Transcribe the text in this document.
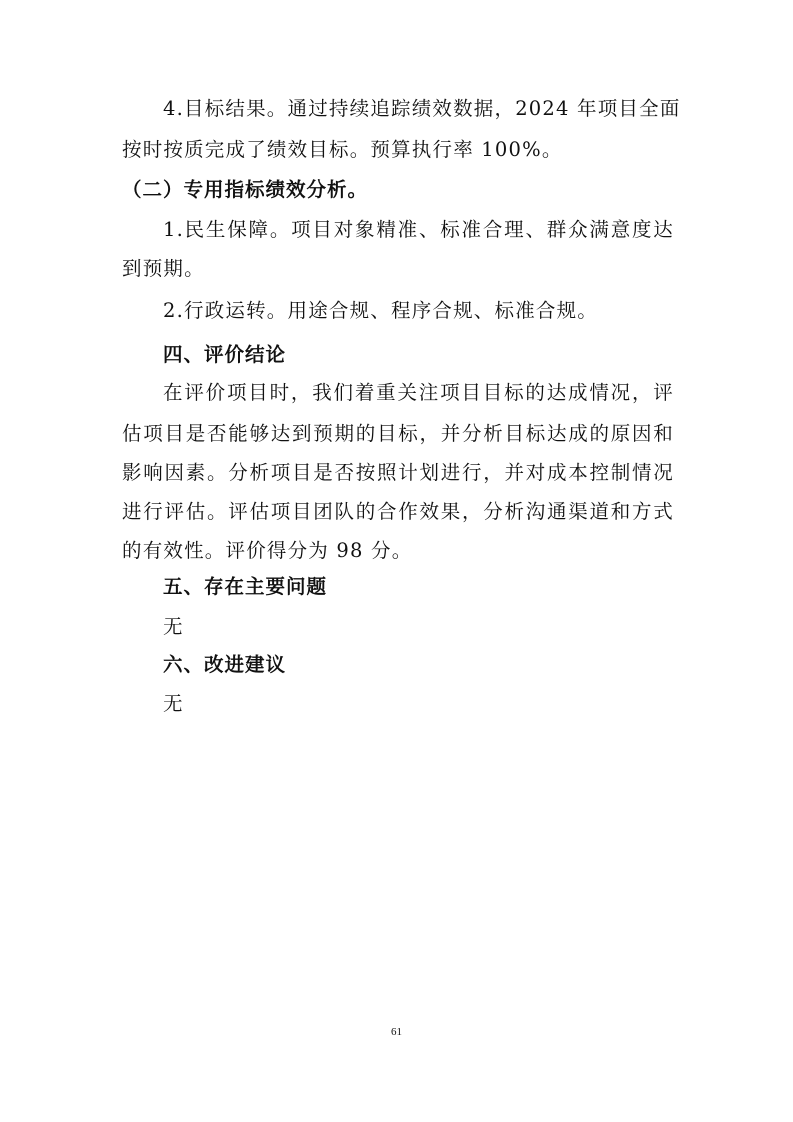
4.目标结果。通过持续追踪绩效数据，2024 年项目全面
按时按质完成了绩效目标。预算执行率 100%。
（二）专用指标绩效分析。
1.民生保障。项目对象精准、标准合理、群众满意度达
到预期。
2.行政运转。用途合规、程序合规、标准合规。
四、评价结论
在评价项目时，我们着重关注项目目标的达成情况，评
估项目是否能够达到预期的目标，并分析目标达成的原因和
影响因素。分析项目是否按照计划进行，并对成本控制情况
进行评估。评估项目团队的合作效果，分析沟通渠道和方式
的有效性。评价得分为 98 分。
五、存在主要问题
无
六、改进建议
无
61
